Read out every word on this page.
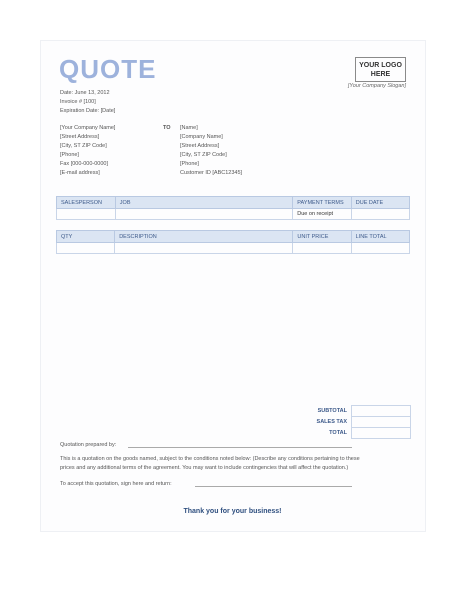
QUOTE	YOUR LOGO HERE
[Your Company Slogan]
Date: June 13, 2012
Invoice # [100]
Expiration Date: [Date]
[Your Company Name]
[Street Address]
[City, ST ZIP Code]
[Phone]
Fax [000-000-0000]
[E-mail address]
TO [Name]
[Company Name]
[Street Address]
[City, ST ZIP Code]
[Phone]
Customer ID [ABC12345]
SALESPERSON	JOB	PAYMENT TERMS	DUE DATE
		Due on receipt	
QTY	DESCRIPTION	UNIT PRICE	LINE TOTAL

SUBTOTAL	
SALES TAX	
TOTAL	
Quotation prepared by:
This is a quotation on the goods named, subject to the conditions noted below: (Describe any conditions pertaining to these prices and any additional terms of the agreement. You may want to include contingencies that will affect the quotation.)
To accept this quotation, sign here and return:
Thank you for your business!
